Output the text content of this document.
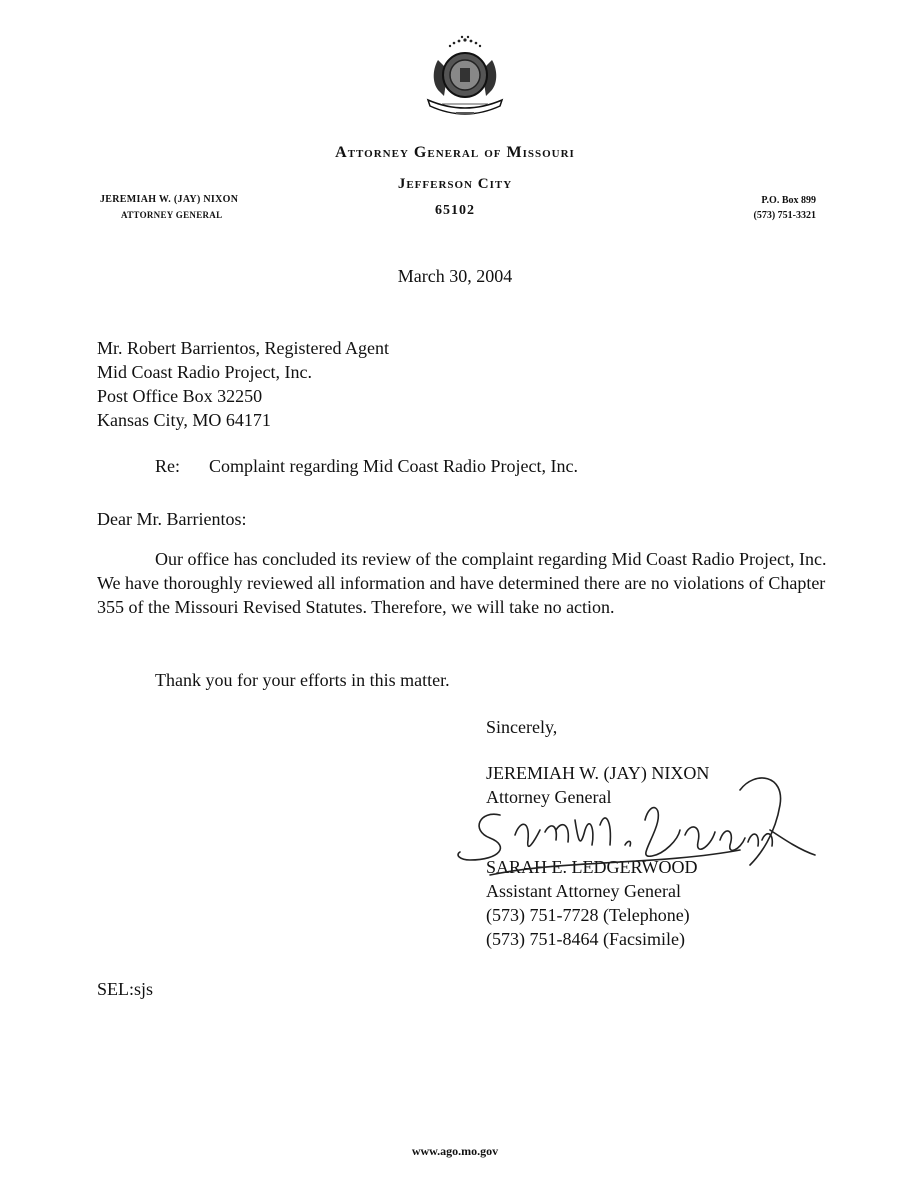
Attorney General of Missouri
Jefferson City
65102
JEREMIAH W. (JAY) NIXON
ATTORNEY GENERAL
P.O. Box 899
(573) 751-3321
March 30, 2004
Mr. Robert Barrientos, Registered Agent
Mid Coast Radio Project, Inc.
Post Office Box 32250
Kansas City, MO 64171
Re: Complaint regarding Mid Coast Radio Project, Inc.
Dear Mr. Barrientos:
Our office has concluded its review of the complaint regarding Mid Coast Radio Project, Inc. We have thoroughly reviewed all information and have determined there are no violations of Chapter 355 of the Missouri Revised Statutes. Therefore, we will take no action.
Thank you for your efforts in this matter.
Sincerely,
JEREMIAH W. (JAY) NIXON
Attorney General
SARAH E. LEDGERWOOD
Assistant Attorney General
(573) 751-7728 (Telephone)
(573) 751-8464 (Facsimile)
SEL:sjs
www.ago.mo.gov
